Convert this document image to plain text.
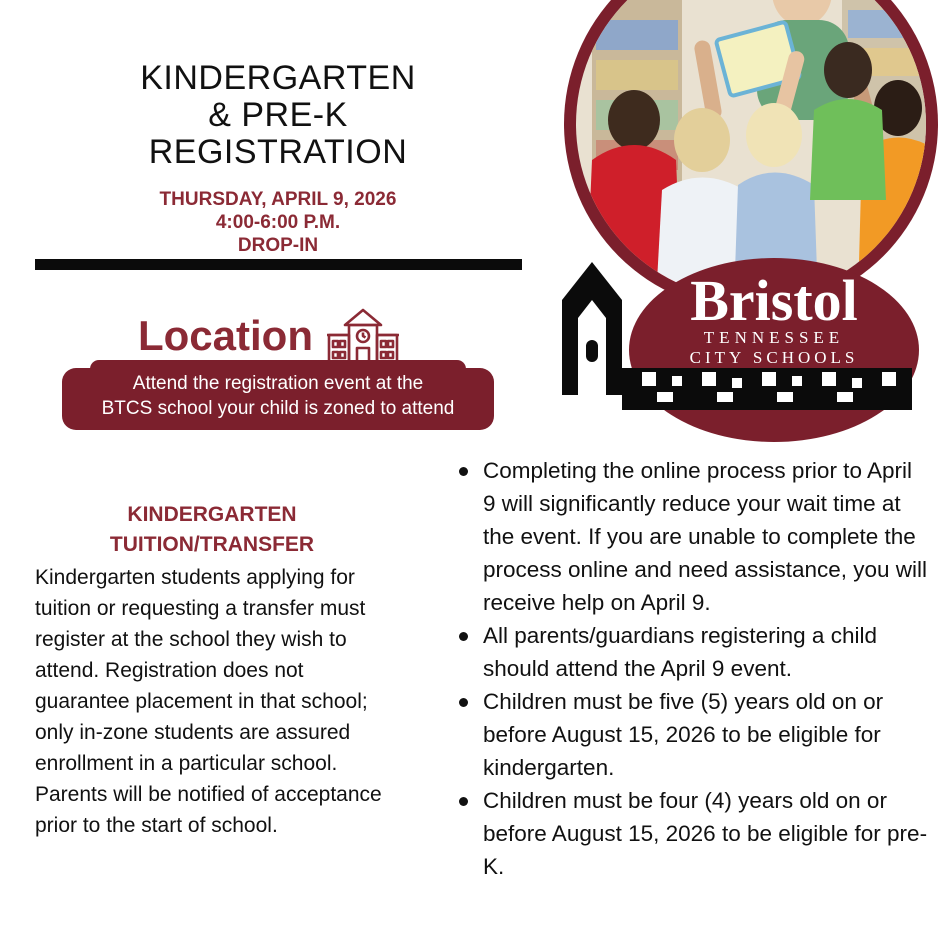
KINDERGARTEN
& PRE-K
REGISTRATION
THURSDAY, APRIL 9, 2026
4:00-6:00 P.M.
DROP-IN
Location
Attend the registration event at the
BTCS school your child is zoned to attend
KINDERGARTEN
TUITION/TRANSFER
Kindergarten students applying for tuition or requesting a transfer must register at the school they wish to attend. Registration does not guarantee placement in that school; only in-zone students are assured enrollment in a particular school. Parents will be notified of acceptance prior to the start of school.
Completing the online process prior to April 9 will significantly reduce your wait time at the event. If you are unable to complete the process online and need assistance, you will receive help on April 9.
All parents/guardians registering a child should attend the April 9 event.
Children must be five (5) years old on or before August 15, 2026 to be eligible for kindergarten.
Children must be four (4) years old on or before August 15, 2026 to be eligible for pre-K.
Bristol
TENNESSEE
CITY SCHOOLS
